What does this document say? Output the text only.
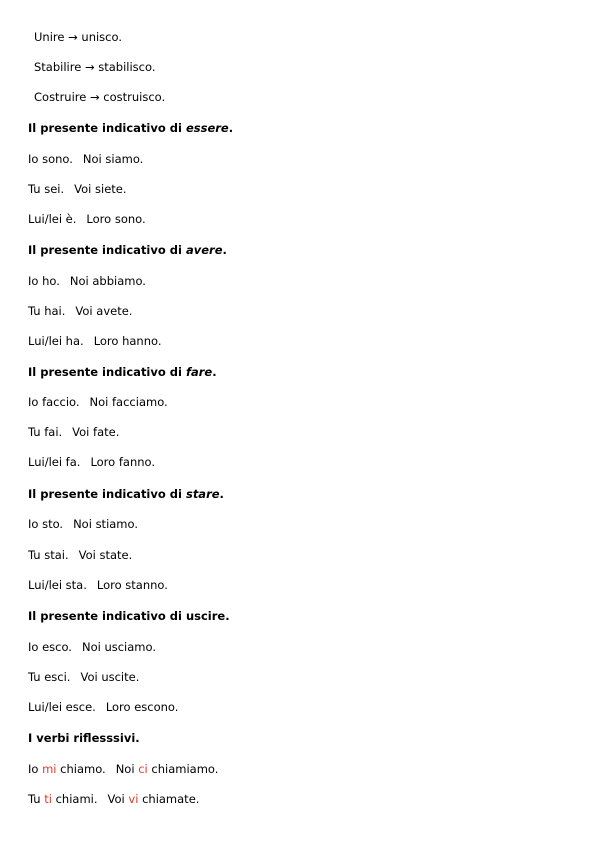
Unire → unisco.
Stabilire → stabilisco.
Costruire → costruisco.
Il presente indicativo di essere.
Io sono. Noi siamo.
Tu sei. Voi siete.
Lui/lei è. Loro sono.
Il presente indicativo di avere.
Io ho. Noi abbiamo.
Tu hai. Voi avete.
Lui/lei ha. Loro hanno.
Il presente indicativo di fare.
Io faccio. Noi facciamo.
Tu fai. Voi fate.
Lui/lei fa. Loro fanno.
Il presente indicativo di stare.
Io sto. Noi stiamo.
Tu stai. Voi state.
Lui/lei sta. Loro stanno.
Il presente indicativo di uscire.
Io esco. Noi usciamo.
Tu esci. Voi uscite.
Lui/lei esce. Loro escono.
I verbi riflesssivi.
Io mi chiamo. Noi ci chiamiamo.
Tu ti chiami. Voi vi chiamate.
